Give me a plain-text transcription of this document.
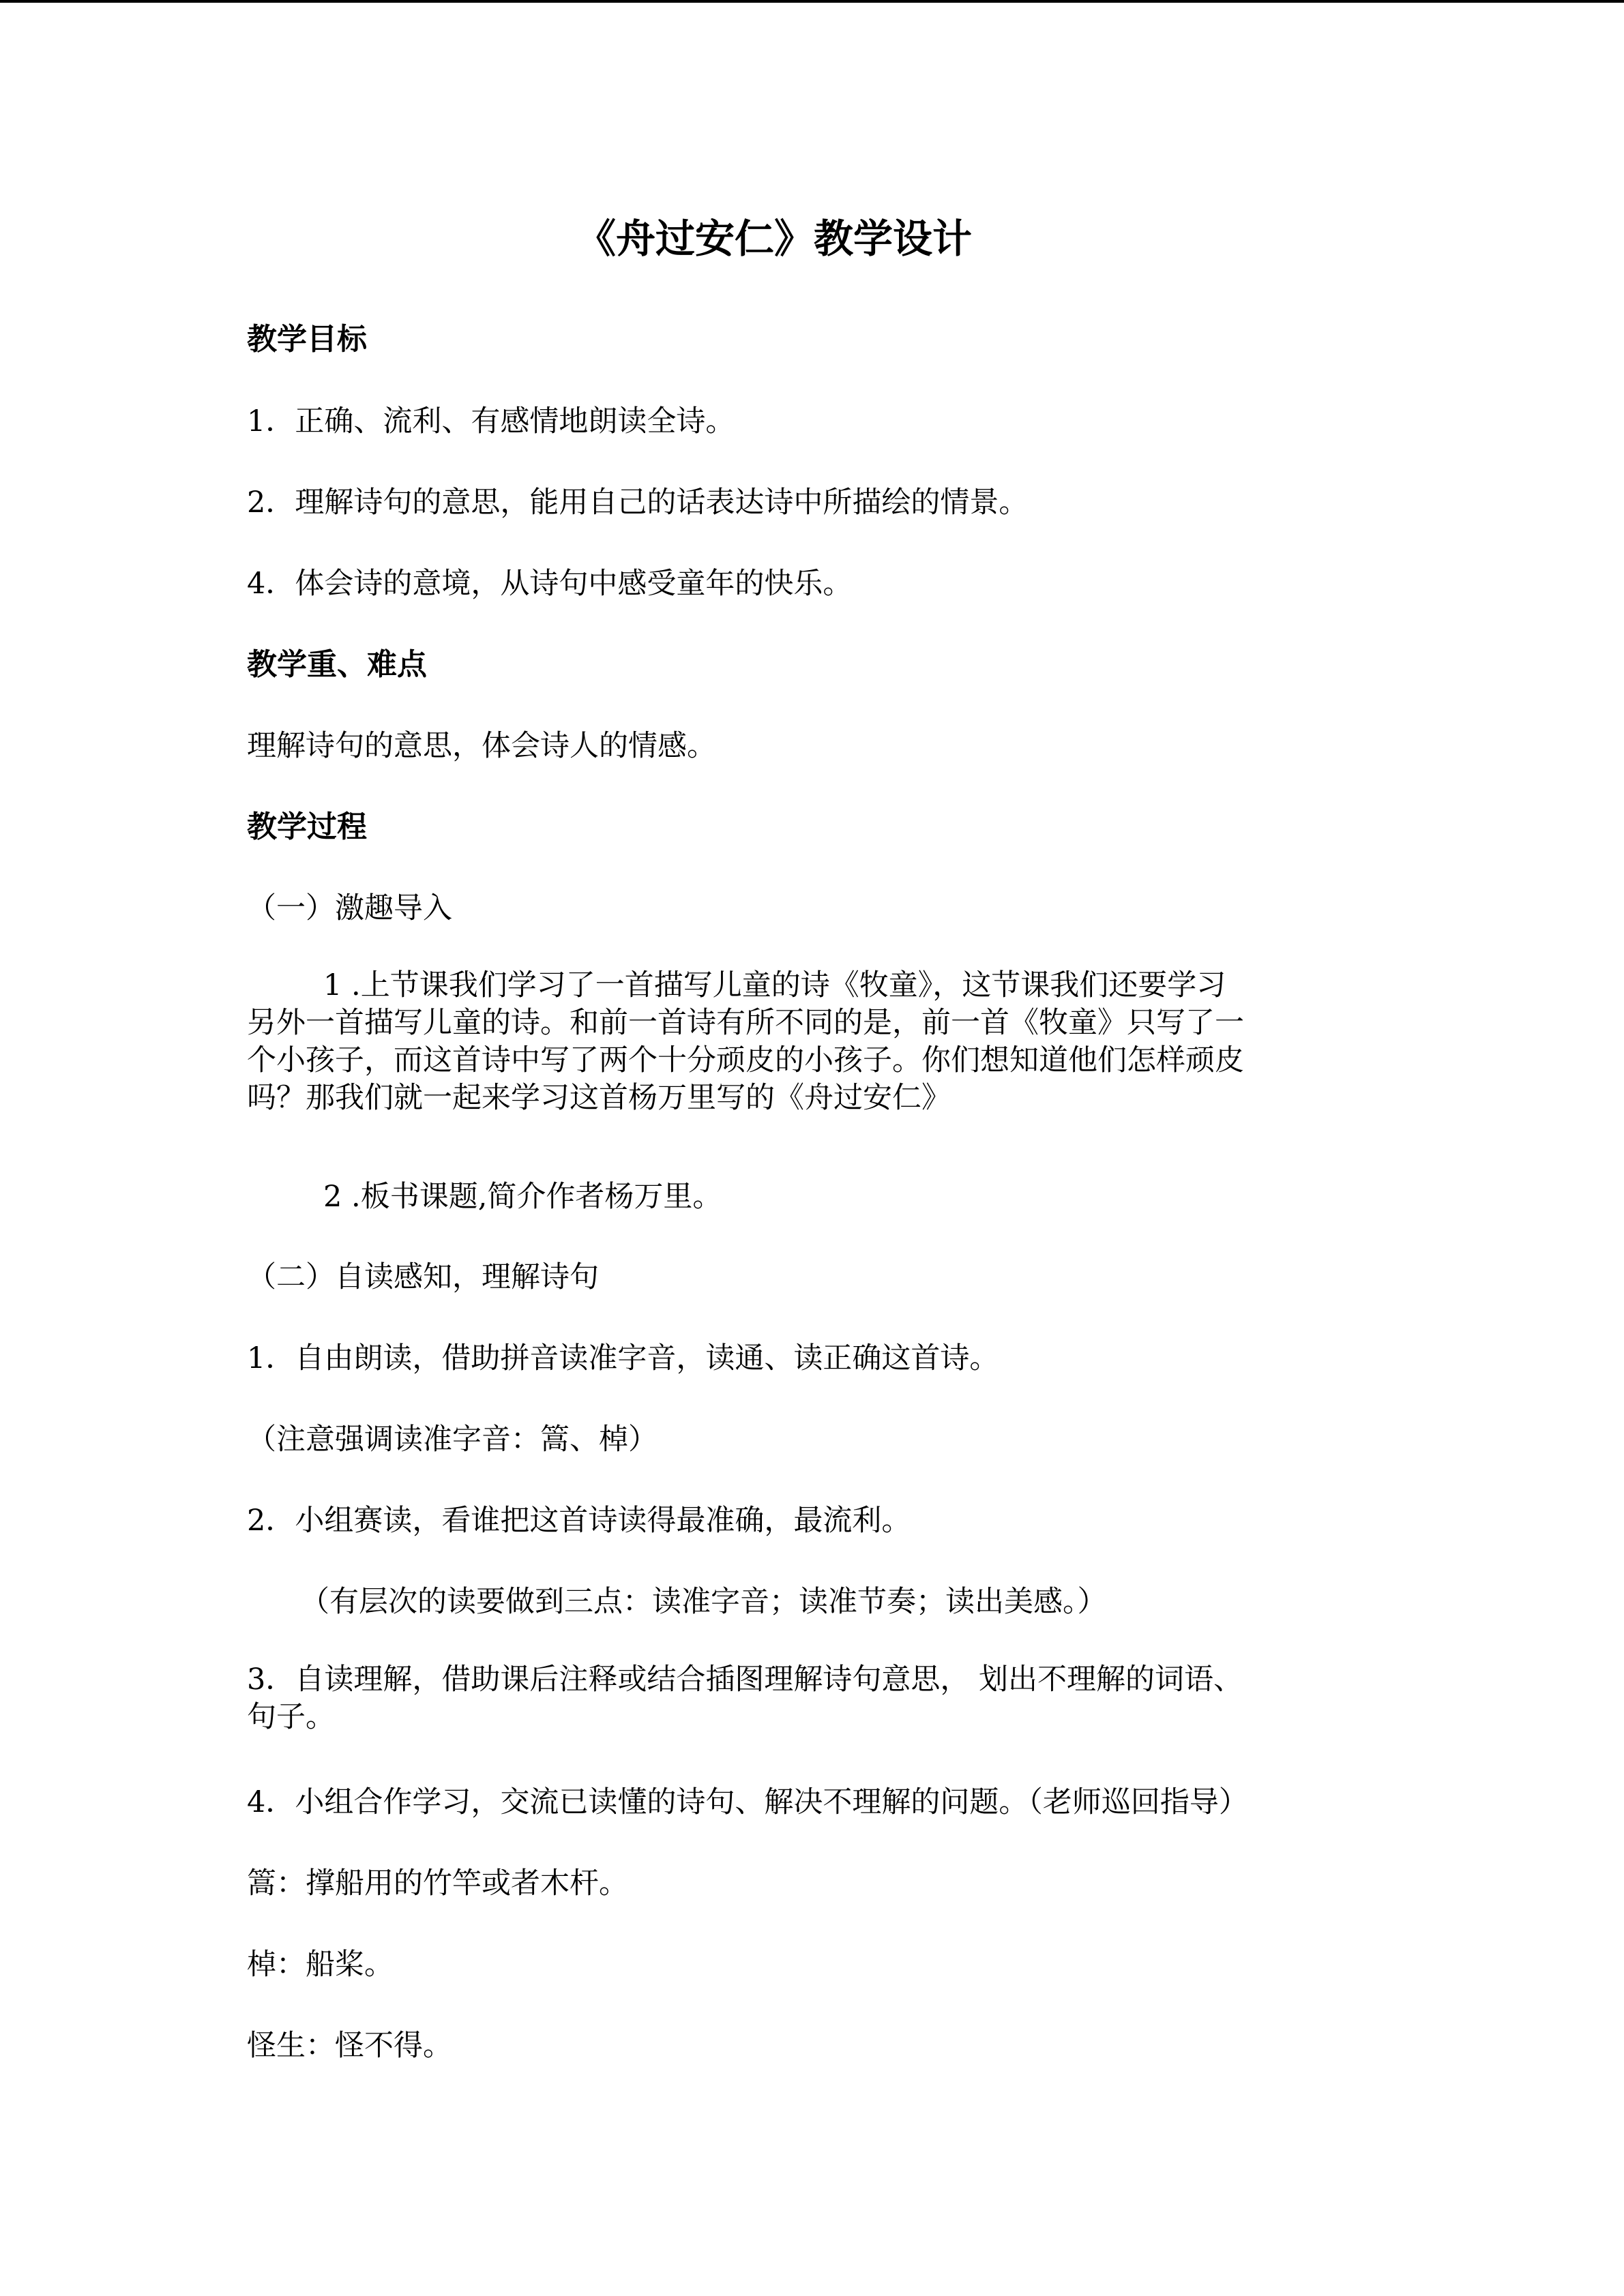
《舟过安仁》教学设计
教学目标
1．正确、流利、有感情地朗读全诗。
2．理解诗句的意思，能用自己的话表达诗中所描绘的情景。
4．体会诗的意境，从诗句中感受童年的快乐。
教学重、难点
理解诗句的意思，体会诗人的情感。
教学过程
（一）激趣导入
1 .上节课我们学习了一首描写儿童的诗《牧童》，这节课我们还要学习
另外一首描写儿童的诗。和前一首诗有所不同的是，前一首《牧童》只写了一
个小孩子，而这首诗中写了两个十分顽皮的小孩子。你们想知道他们怎样顽皮
吗？那我们就一起来学习这首杨万里写的《舟过安仁》
2 .板书课题,简介作者杨万里。
（二）自读感知，理解诗句
1．自由朗读，借助拼音读准字音，读通、读正确这首诗。
（注意强调读准字音：篙、棹）
2．小组赛读，看谁把这首诗读得最准确，最流利。
（有层次的读要做到三点：读准字音；读准节奏；读出美感。）
3．自读理解，借助课后注释或结合插图理解诗句意思， 划出不理解的词语、
句子。
4．小组合作学习，交流已读懂的诗句、解决不理解的问题。（老师巡回指导）
篙：撑船用的竹竿或者木杆。
棹：船桨。
怪生：怪不得。
